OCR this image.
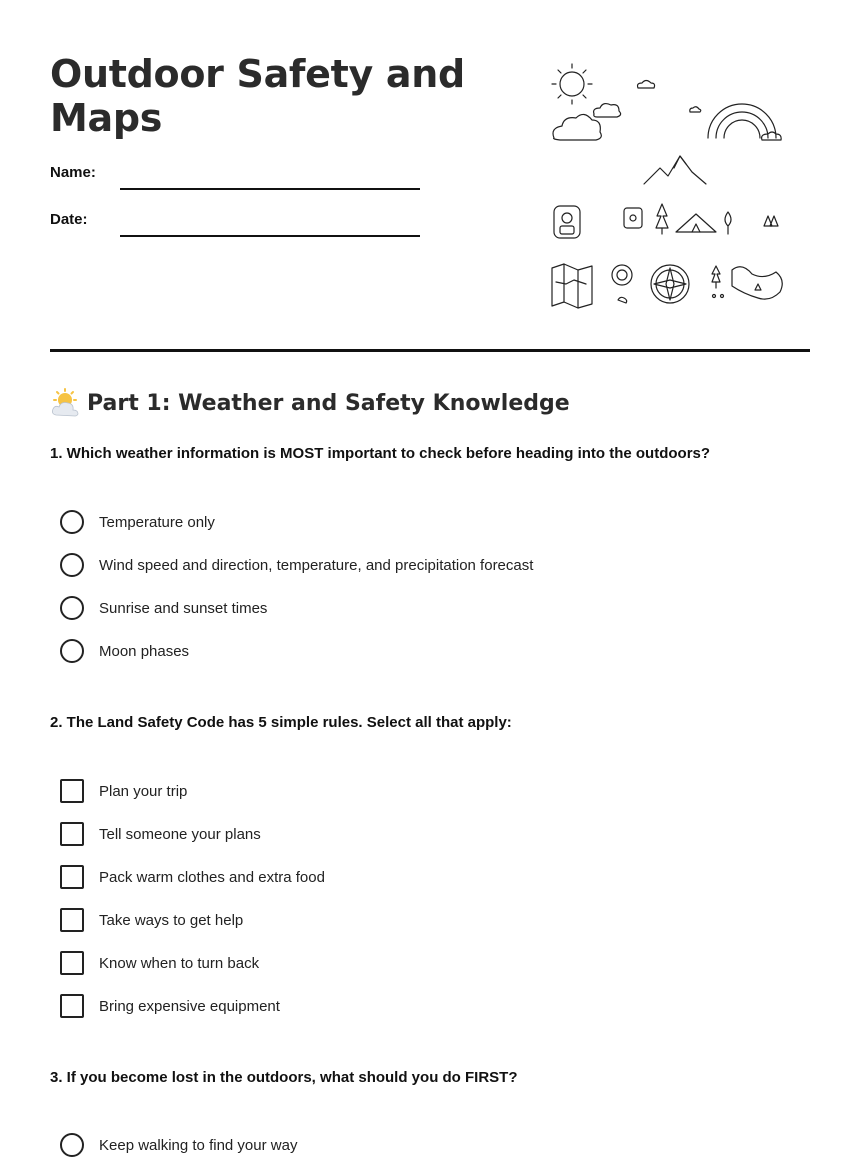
Outdoor Safety and Maps
Name:
Date:
Part 1: Weather and Safety Knowledge
1. Which weather information is MOST important to check before heading into the outdoors?
Temperature only
Wind speed and direction, temperature, and precipitation forecast
Sunrise and sunset times
Moon phases
2. The Land Safety Code has 5 simple rules. Select all that apply:
Plan your trip
Tell someone your plans
Pack warm clothes and extra food
Take ways to get help
Know when to turn back
Bring expensive equipment
3. If you become lost in the outdoors, what should you do FIRST?
Keep walking to find your way
